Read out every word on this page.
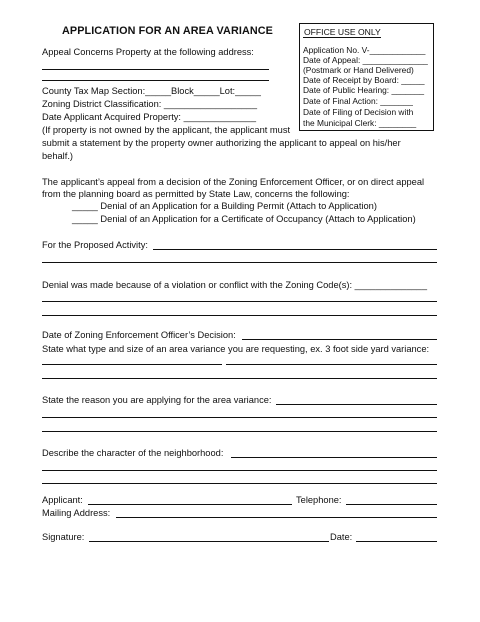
APPLICATION FOR AN AREA VARIANCE	OFFICE USE ONLY
Application No. V-____________
Date of Appeal: ______________
(Postmark or Hand Delivered)
Date of Receipt by Board: _____
Date of Public Hearing: _______
Date of Final Action: _______
Date of Filing of Decision with
the Municipal Clerk: ________
Appeal Concerns Property at the following address:
County Tax Map Section:_____Block_____Lot:_____
Zoning District Classification: __________________
Date Applicant Acquired Property: ______________
(If property is not owned by the applicant, the applicant must
submit a statement by the property owner authorizing the applicant to appeal on his/her
behalf.)
The applicant’s appeal from a decision of the Zoning Enforcement Officer, or on direct appeal
from the planning board as permitted by State Law, concerns the following:
_____ Denial of an Application for a Building Permit (Attach to Application)
_____ Denial of an Application for a Certificate of Occupancy (Attach to Application)
For the Proposed Activity:
Denial was made because of a violation or conflict with the Zoning Code(s): ______________
Date of Zoning Enforcement Officer’s Decision:
State what type and size of an area variance you are requesting, ex. 3 foot side yard variance:
State the reason you are applying for the area variance:
Describe the character of the neighborhood:
Applicant:	Telephone:
Mailing Address:
Signature:	Date:
